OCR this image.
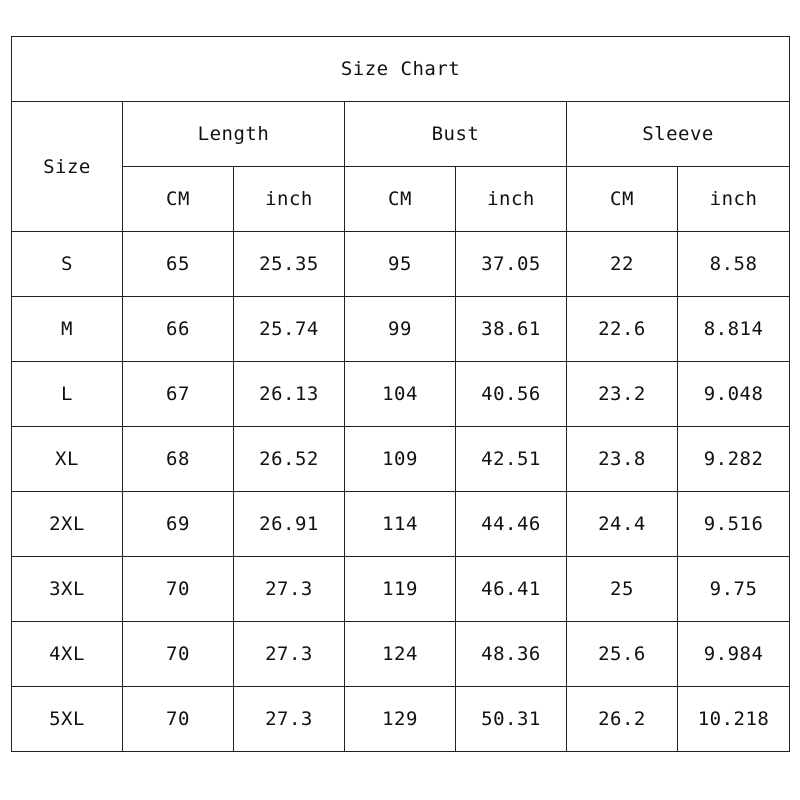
Size Chart						
Size	Length		Bust		Sleeve	
	CM	inch	CM	inch	CM	inch
S	65	25.35	95	37.05	22	8.58
M	66	25.74	99	38.61	22.6	8.814
L	67	26.13	104	40.56	23.2	9.048
XL	68	26.52	109	42.51	23.8	9.282
2XL	69	26.91	114	44.46	24.4	9.516
3XL	70	27.3	119	46.41	25	9.75
4XL	70	27.3	124	48.36	25.6	9.984
5XL	70	27.3	129	50.31	26.2	10.218
